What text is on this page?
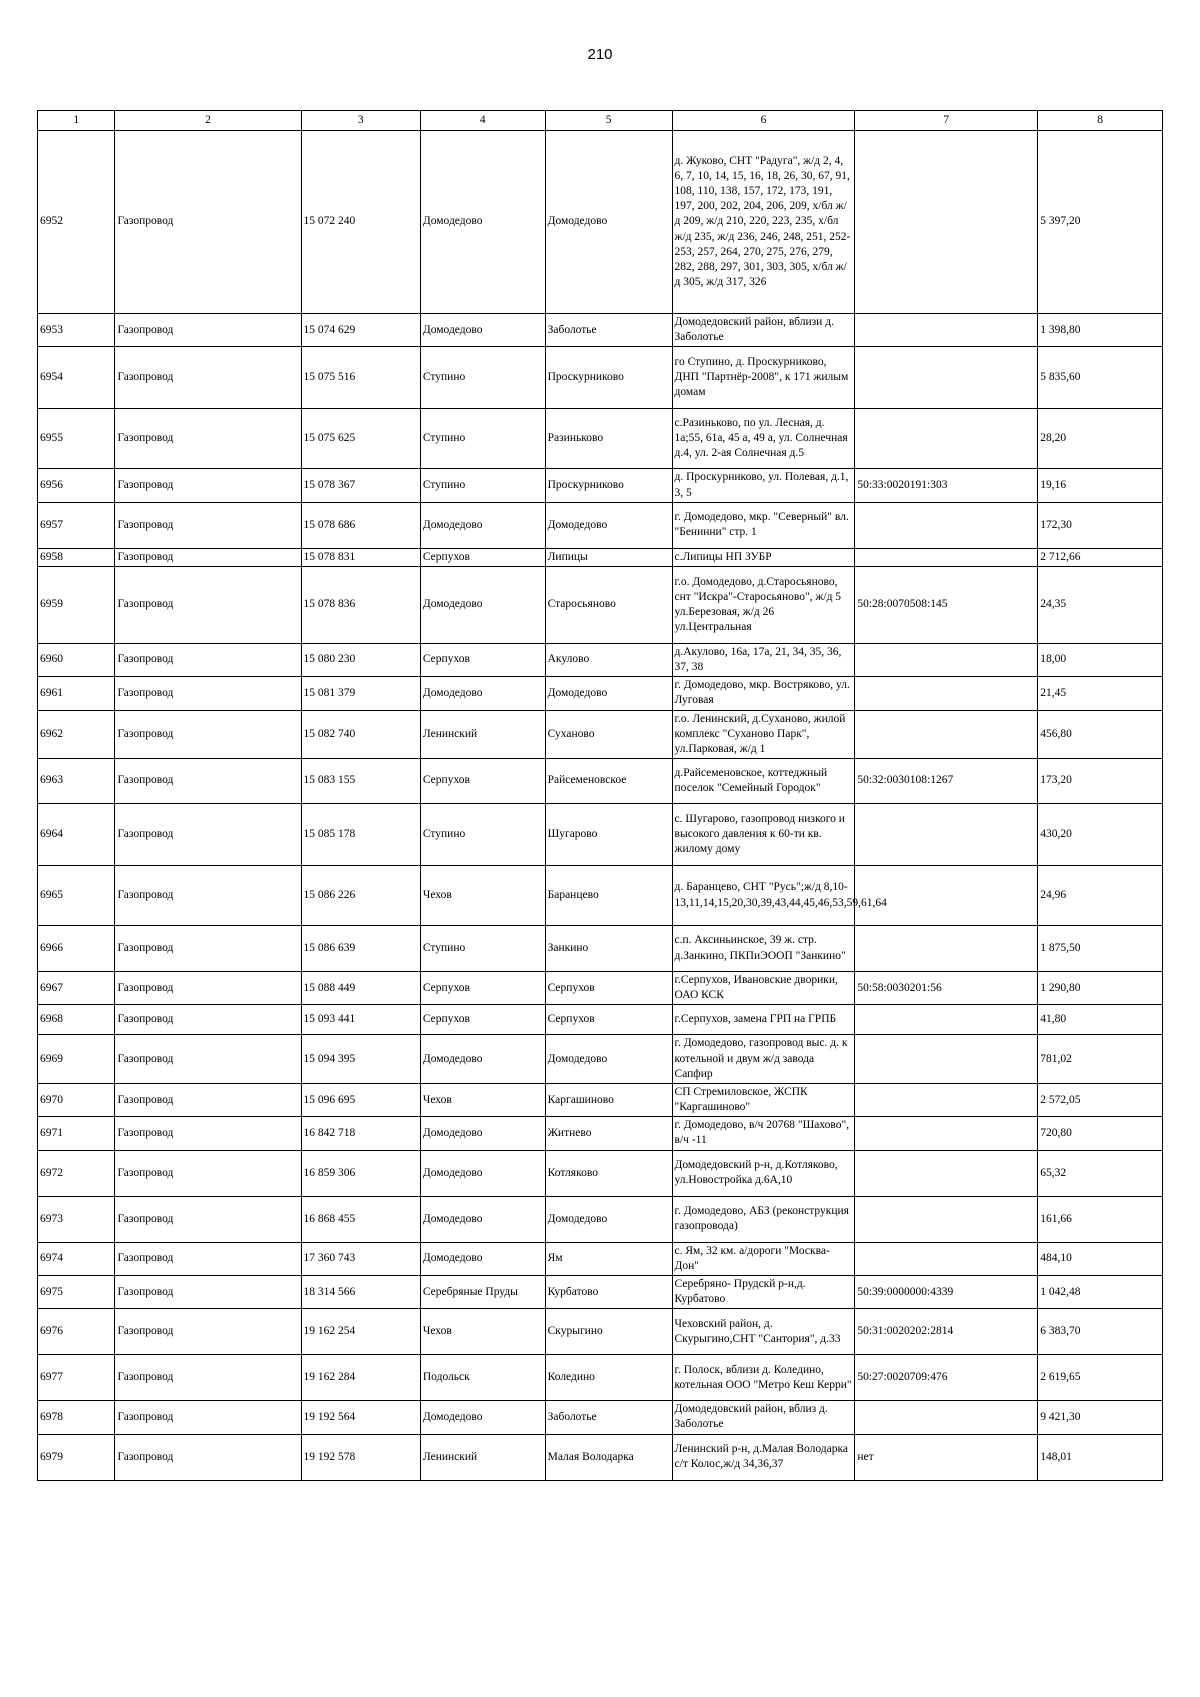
210
1	2	3	4	5	6	7	8
6952	Газопровод	15 072 240	Домодедово	Домодедово	д. Жуково, СНТ "Радуга", ж/д 2, 4, 6, 7, 10, 14, 15, 16, 18, 26, 30, 67, 91, 108, 110, 138, 157, 172, 173, 191, 197, 200, 202, 204, 206, 209, х/бл ж/д 209, ж/д 210, 220, 223, 235, х/бл ж/д 235, ж/д 236, 246, 248, 251, 252-253, 257, 264, 270, 275, 276, 279, 282, 288, 297, 301, 303, 305, х/бл ж/д 305, ж/д 317, 326		5 397,20
6953	Газопровод	15 074 629	Домодедово	Заболотье	Домодедовский район, вблизи д. Заболотье		1 398,80
6954	Газопровод	15 075 516	Ступино	Проскурниково	го Ступино, д. Проскурниково, ДНП "Партнёр-2008", к 171 жилым домам		5 835,60
6955	Газопровод	15 075 625	Ступино	Разиньково	с.Разиньково, по ул. Лесная, д. 1а;55, 61а, 45 а, 49 а, ул. Солнечная д.4, ул. 2-ая Солнечная д.5		28,20
6956	Газопровод	15 078 367	Ступино	Проскурниково	д. Проскурниково, ул. Полевая, д.1, 3, 5	50:33:0020191:303	19,16
6957	Газопровод	15 078 686	Домодедово	Домодедово	г. Домодедово, мкр. "Северный" вл. "Бенинни" стр. 1		172,30
6958	Газопровод	15 078 831	Серпухов	Липицы	с.Липицы НП ЗУБР		2 712,66
6959	Газопровод	15 078 836	Домодедово	Старосьяново	г.о. Домодедово, д.Старосьяново, снт "Искра"-Старосьяново", ж/д 5 ул.Березовая, ж/д 26 ул.Центральная	50:28:0070508:145	24,35
6960	Газопровод	15 080 230	Серпухов	Акулово	д.Акулово, 16а, 17а, 21, 34, 35, 36, 37, 38		18,00
6961	Газопровод	15 081 379	Домодедово	Домодедово	г. Домодедово, мкр. Востряково, ул. Луговая		21,45
6962	Газопровод	15 082 740	Ленинский	Суханово	г.о. Ленинский, д.Суханово, жилой комплекс "Суханово Парк", ул.Парковая, ж/д 1		456,80
6963	Газопровод	15 083 155	Серпухов	Райсеменовское	д.Райсеменовское, коттеджный поселок "Семейный Городок"	50:32:0030108:1267	173,20
6964	Газопровод	15 085 178	Ступино	Шугарово	с. Шугарово, газопровод низкого и высокого давления к 60-ти кв. жилому дому		430,20
6965	Газопровод	15 086 226	Чехов	Баранцево	д. Баранцево, СНТ "Русь";ж/д 8,10-13,11,14,15,20,30,39,43,44,45,46,53,59,61,64		24,96
6966	Газопровод	15 086 639	Ступино	Занкино	с.п. Аксиньинское, 39 ж. стр. д.Занкино, ПКПиЭООП "Занкино"		1 875,50
6967	Газопровод	15 088 449	Серпухов	Серпухов	г.Серпухов, Ивановские дворики, ОАО КСК	50:58:0030201:56	1 290,80
6968	Газопровод	15 093 441	Серпухов	Серпухов	г.Серпухов, замена ГРП на ГРПБ		41,80
6969	Газопровод	15 094 395	Домодедово	Домодедово	г. Домодедово, газопровод выс. д. к котельной и двум ж/д завода Сапфир		781,02
6970	Газопровод	15 096 695	Чехов	Каргашиново	СП Стремиловское, ЖСПК "Каргашиново"		2 572,05
6971	Газопровод	16 842 718	Домодедово	Житнево	г. Домодедово, в/ч 20768 "Шахово", в/ч -11		720,80
6972	Газопровод	16 859 306	Домодедово	Котляково	Домодедовский р-н, д.Котляково, ул.Новостройка д.6А,10		65,32
6973	Газопровод	16 868 455	Домодедово	Домодедово	г. Домодедово, АБЗ (реконструкция газопровода)		161,66
6974	Газопровод	17 360 743	Домодедово	Ям	с. Ям, 32 км. а/дороги "Москва-Дон"		484,10
6975	Газопровод	18 314 566	Серебряные Пруды	Курбатово	Серебряно- Прудскй р-н,д. Курбатово	50:39:0000000:4339	1 042,48
6976	Газопровод	19 162 254	Чехов	Скурыгино	Чеховский район, д. Скурыгино,СНТ "Сантория", д.33	50:31:0020202:2814	6 383,70
6977	Газопровод	19 162 284	Подольск	Коледино	г. Полоск, вблизи д. Коледино, котельная ООО "Метро Кеш Керри"	50:27:0020709:476	2 619,65
6978	Газопровод	19 192 564	Домодедово	Заболотье	Домодедовский район, вблиз д. Заболотье		9 421,30
6979	Газопровод	19 192 578	Ленинский	Малая Володарка	Ленинский р-н, д.Малая Володарка с/т Колос,ж/д 34,36,37	нет	148,01
